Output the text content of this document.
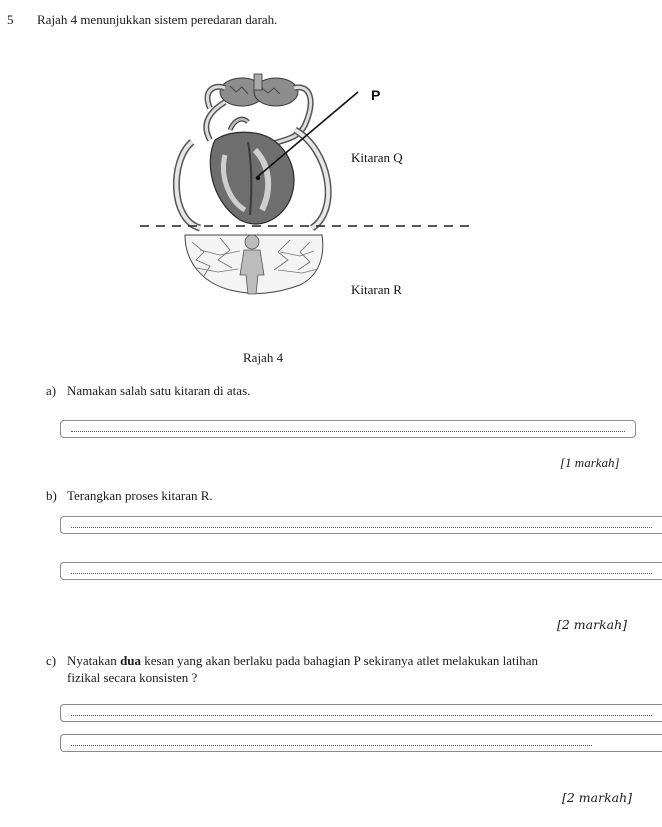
5 Rajah 4 menunjukkan sistem peredaran darah.
P
Kitaran Q
Kitaran R
Rajah 4
a) Namakan salah satu kitaran di atas.
[1 markah]
b) Terangkan proses kitaran R.
[2 markah]
c) Nyatakan dua kesan yang akan berlaku pada bahagian P sekiranya atlet melakukan latihan
fizikal secara konsisten ?
[2 markah]
